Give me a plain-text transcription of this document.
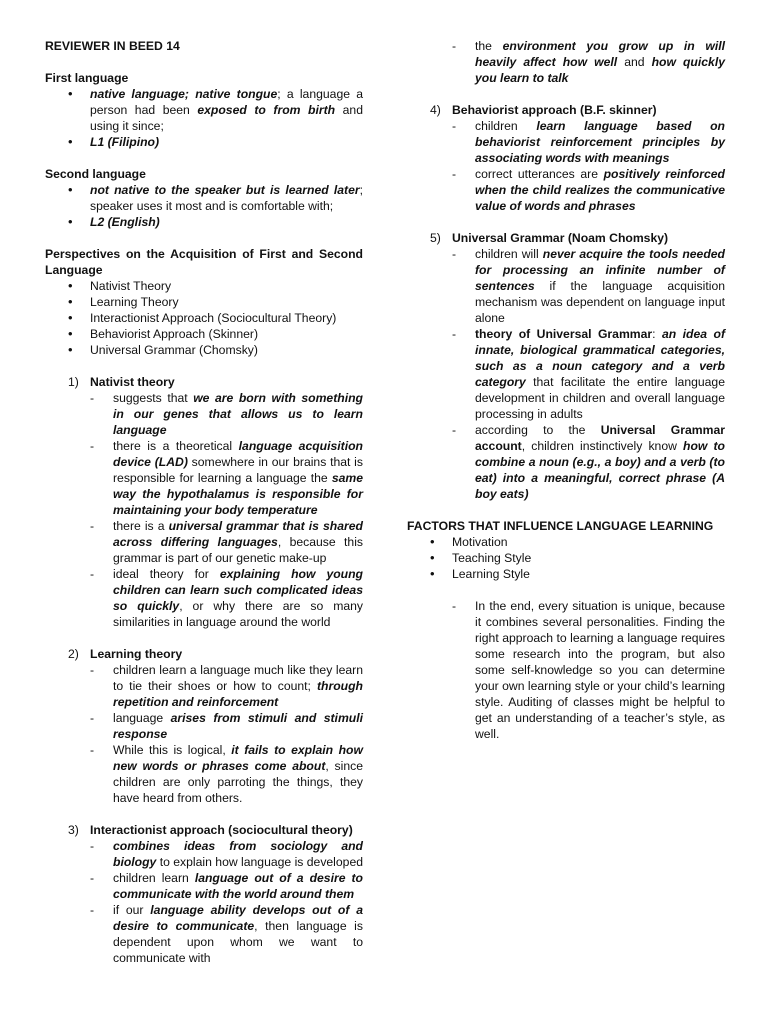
REVIEWER IN BEED 14

First language

• native language; native tongue; a language a person had been exposed to from birth and using it since;
• L1 (Filipino)

Second language

• not native to the speaker but is learned later; speaker uses it most and is comfortable with;
• L2 (English)

Perspectives on the Acquisition of First and Second Language

• Nativist Theory
• Learning Theory
• Interactionist Approach (Sociocultural Theory)
• Behaviorist Approach (Skinner)
• Universal Grammar (Chomsky)
1) Nativist theory
- suggests that we are born with something in our genes that allows us to learn language
- there is a theoretical language acquisition device (LAD) somewhere in our brains that is responsible for learning a language the same way the hypothalamus is responsible for maintaining your body temperature
- there is a universal grammar that is shared across differing languages, because this grammar is part of our genetic make-up
- ideal theory for explaining how young children can learn such complicated ideas so quickly, or why there are so many similarities in language around the world
2) Learning theory
- children learn a language much like they learn to tie their shoes or how to count; through repetition and reinforcement
- language arises from stimuli and stimuli response
- While this is logical, it fails to explain how new words or phrases come about, since children are only parroting the things, they have heard from others.
3) Interactionist approach (sociocultural theory)
- combines ideas from sociology and biology to explain how language is developed
- children learn language out of a desire to communicate with the world around them
- if our language ability develops out of a desire to communicate, then language is dependent upon whom we want to communicate with
- the environment you grow up in will heavily affect how well and how quickly you learn to talk
4) Behaviorist approach (B.F. skinner)
- children learn language based on behaviorist reinforcement principles by associating words with meanings
- correct utterances are positively reinforced when the child realizes the communicative value of words and phrases
5) Universal Grammar (Noam Chomsky)
- children will never acquire the tools needed for processing an infinite number of sentences if the language acquisition mechanism was dependent on language input alone
- theory of Universal Grammar: an idea of innate, biological grammatical categories, such as a noun category and a verb category that facilitate the entire language development in children and overall language processing in adults
- according to the Universal Grammar account, children instinctively know how to combine a noun (e.g., a boy) and a verb (to eat) into a meaningful, correct phrase (A boy eats)

FACTORS THAT INFLUENCE LANGUAGE LEARNING

• Motivation
• Teaching Style
• Learning Style
- In the end, every situation is unique, because it combines several personalities. Finding the right approach to learning a language requires some research into the program, but also some self-knowledge so you can determine your own learning style or your child’s learning style. Auditing of classes might be helpful to get an understanding of a teacher’s style, as well.
